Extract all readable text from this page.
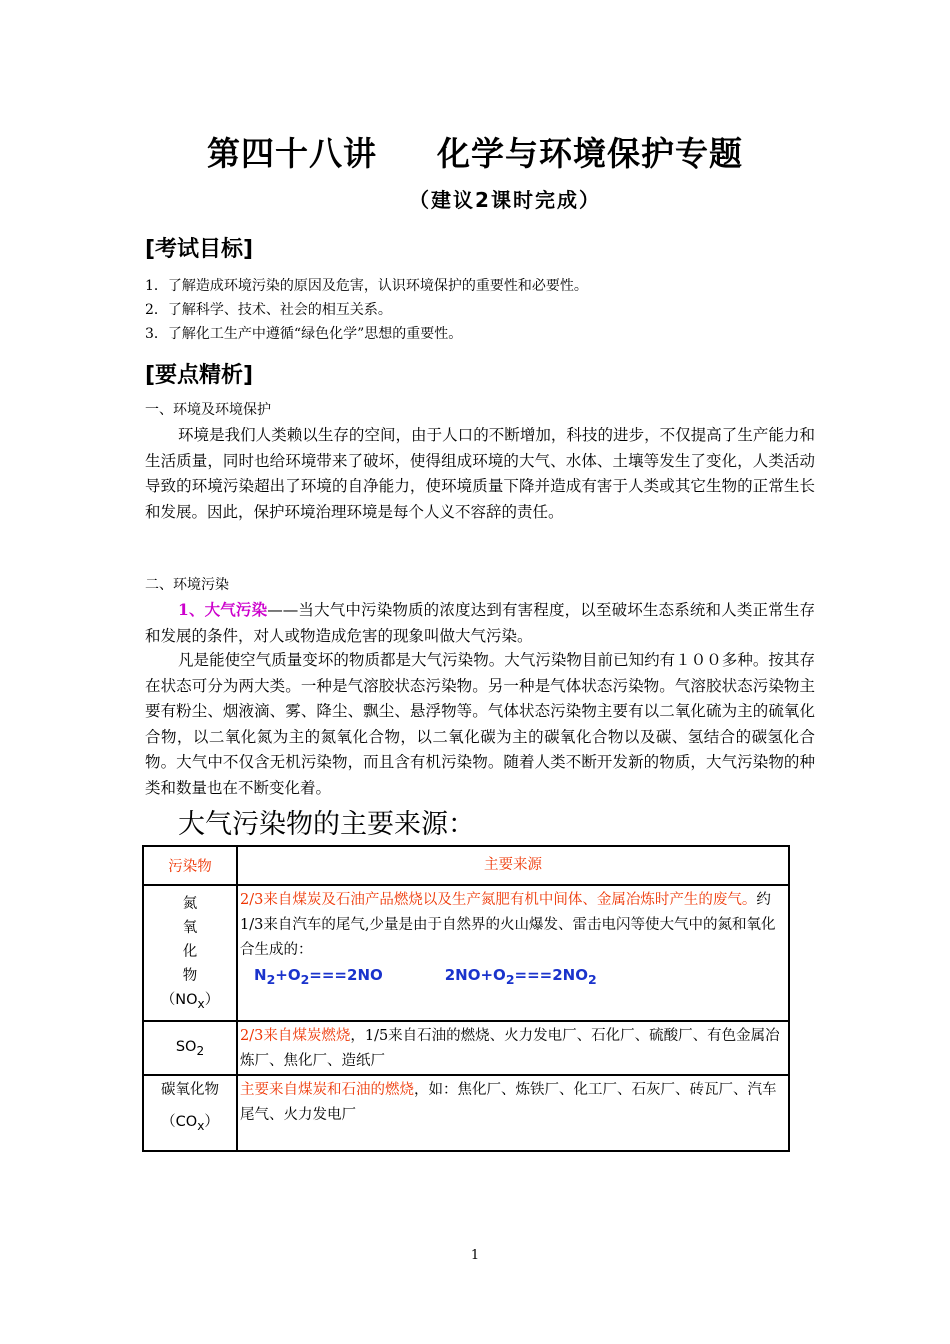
第四十八讲 化学与环境保护专题
（建议2课时完成）
[考试目标]
1．了解造成环境污染的原因及危害，认识环境保护的重要性和必要性。
2．了解科学、技术、社会的相互关系。
3．了解化工生产中遵循“绿色化学”思想的重要性。
[要点精析]
一、环境及环境保护
环境是我们人类赖以生存的空间，由于人口的不断增加，科技的进步，不仅提高了生产能力和生活质量，同时也给环境带来了破坏，使得组成环境的大气、水体、土壤等发生了变化，人类活动导致的环境污染超出了环境的自净能力，使环境质量下降并造成有害于人类或其它生物的正常生长和发展。因此，保护环境治理环境是每个人义不容辞的责任。
二、环境污染
1、大气污染——当大气中污染物质的浓度达到有害程度，以至破坏生态系统和人类正常生存和发展的条件，对人或物造成危害的现象叫做大气污染。
凡是能使空气质量变坏的物质都是大气污染物。大气污染物目前已知约有１００多种。按其存在状态可分为两大类。一种是气溶胶状态污染物。另一种是气体状态污染物。气溶胶状态污染物主要有粉尘、烟液滴、雾、降尘、飘尘、悬浮物等。气体状态污染物主要有以二氧化硫为主的硫氧化合物，以二氧化氮为主的氮氧化合物，以二氧化碳为主的碳氧化合物以及碳、氢结合的碳氢化合物。大气中不仅含无机污染物，而且含有机污染物。随着人类不断开发新的物质，大气污染物的种类和数量也在不断变化着。
大气污染物的主要来源：
污染物	主要来源

氮
氧
化
物
$(NO_x)$	2/3来自煤炭及石油产品燃烧以及生产氮肥有机中间体、金属冶炼时产生的废气。约1/3来自汽车的尾气,少量是由于自然界的火山爆发、雷击电闪等使大气中的氮和氧化合生成的：
$N_2+O_2===2NO$ $2NO+O_2===2NO_2$

$SO_2$	2/3来自煤炭燃烧，1/5来自石油的燃烧、火力发电厂、石化厂、硫酸厂、有色金属冶炼厂、焦化厂、造纸厂

碳氧化物
$(CO_x)$	主要来自煤炭和石油的燃烧，如：焦化厂、炼铁厂、化工厂、石灰厂、砖瓦厂、汽车尾气、火力发电厂
1
